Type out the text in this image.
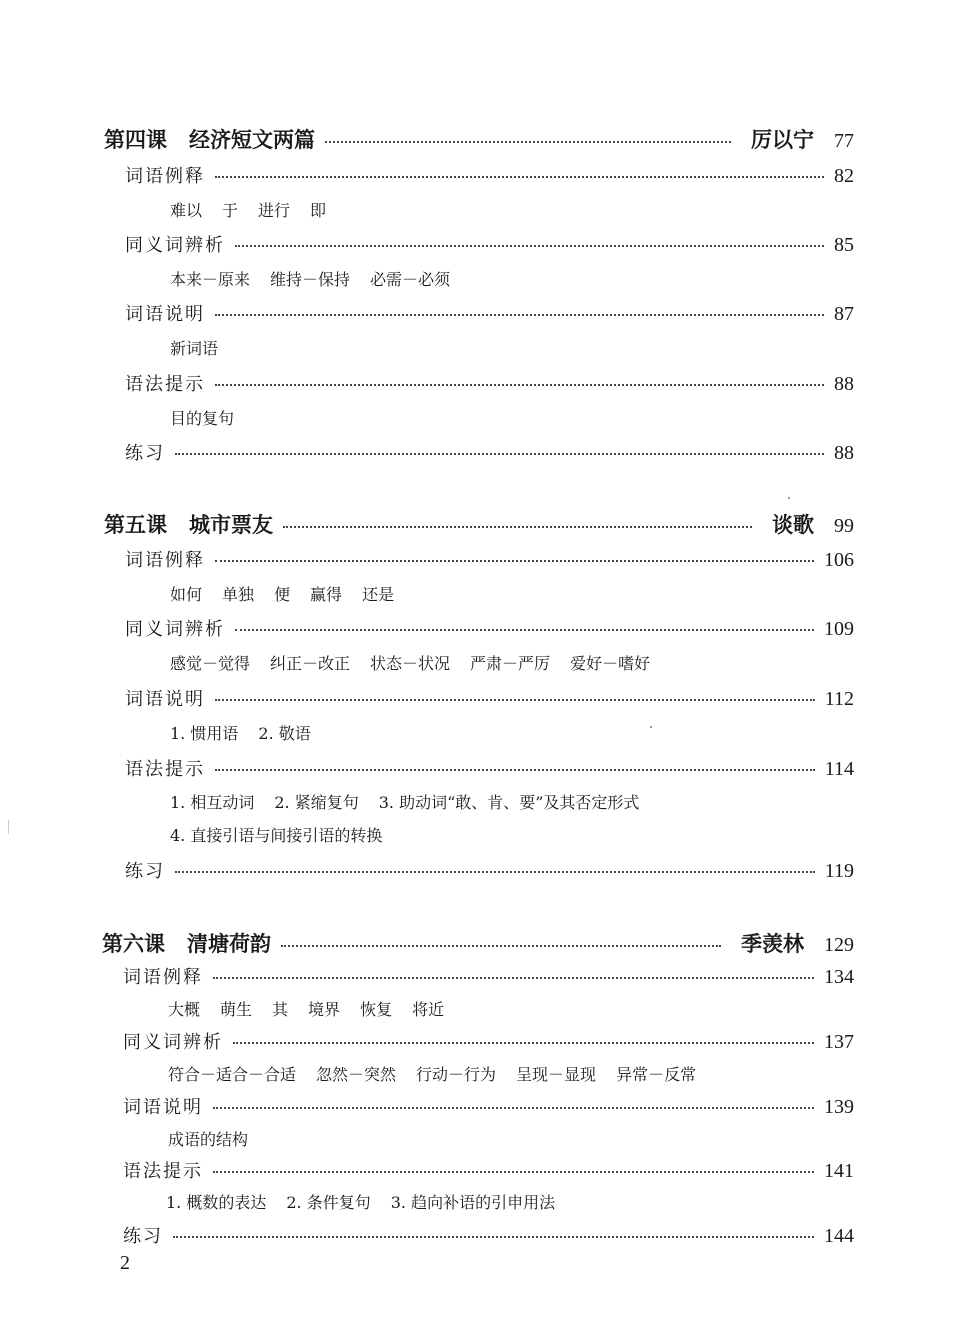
第四课 经济短文两篇	厉以宁 77
词语例释	82
难以 于 进行 即
同义词辨析	85
本来－原来 维持－保持 必需－必须
词语说明	87
新词语
语法提示	88
目的复句
练习	88
第五课 城市票友	谈歌 99
词语例释	106
如何 单独 便 赢得 还是
同义词辨析	109
感觉－觉得 纠正－改正 状态－状况 严肃－严厉 爱好－嗜好
词语说明	112
1. 惯用语 2. 敬语
语法提示	114
1. 相互动词 2. 紧缩复句 3. 助动词“敢、肯、要”及其否定形式
4. 直接引语与间接引语的转换
练习	119
第六课 清塘荷韵	季羡林 129
词语例释	134
大概 萌生 其 境界 恢复 将近
同义词辨析	137
符合－适合－合适 忽然－突然 行动－行为 呈现－显现 异常－反常
词语说明	139
成语的结构
语法提示	141
1. 概数的表达 2. 条件复句 3. 趋向补语的引申用法
练习	144
2
